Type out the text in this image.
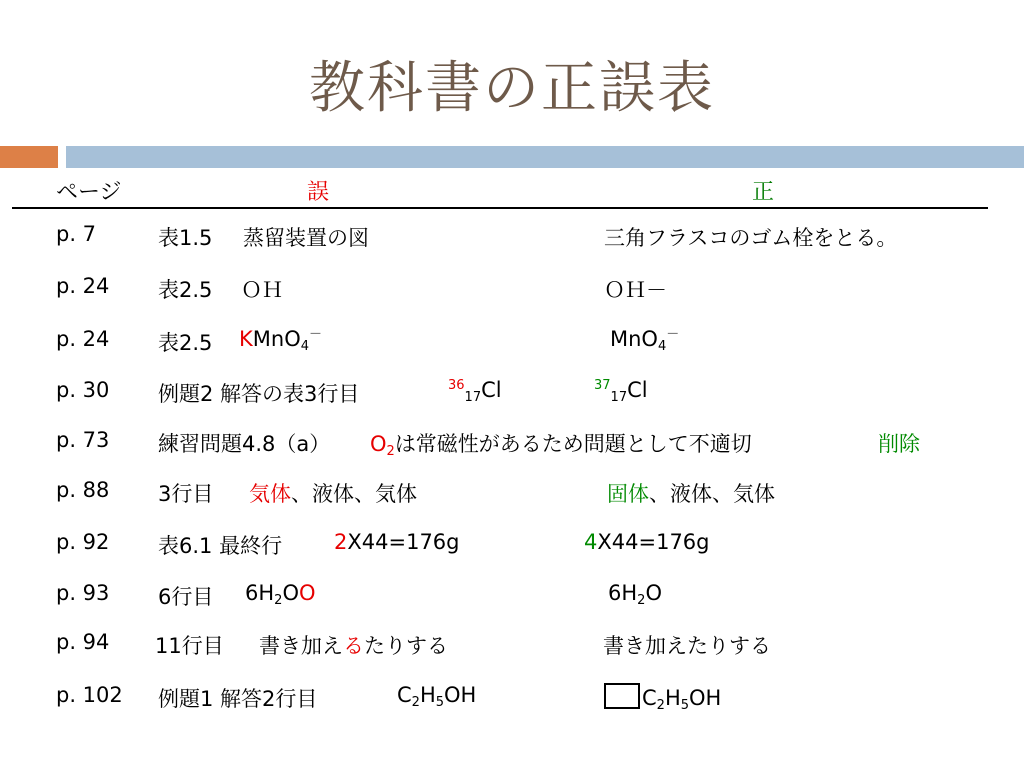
教科書の正誤表
ページ	誤	正
p. 7	表1.5 蒸留装置の図	三角フラスコのゴム栓をとる。
p. 24 表2.5 ＯＨ	ＯＨ－
p. 24 表2.5 KMnO$_4$－	MnO$_4$－
p. 30 例題2 解答の表3行目	$^{36}_{17}$Cl	$^{37}_{17}$Cl
p. 73 練習問題4.8（a） $O_2$は常磁性があるため問題として不適切	削除
p. 88 3行目 気体、液体、気体	固体、液体、気体
p. 92 表6.1 最終行 2X44=176g	4X44=176g
p. 93 6行目 $6H_2OO$	$6H_2O$
p. 94 11行目 書き加えるたりする	書き加えたりする
p. 102 例題1 解答2行目	$C_2H_5OH$	$C_2H_5OH$
